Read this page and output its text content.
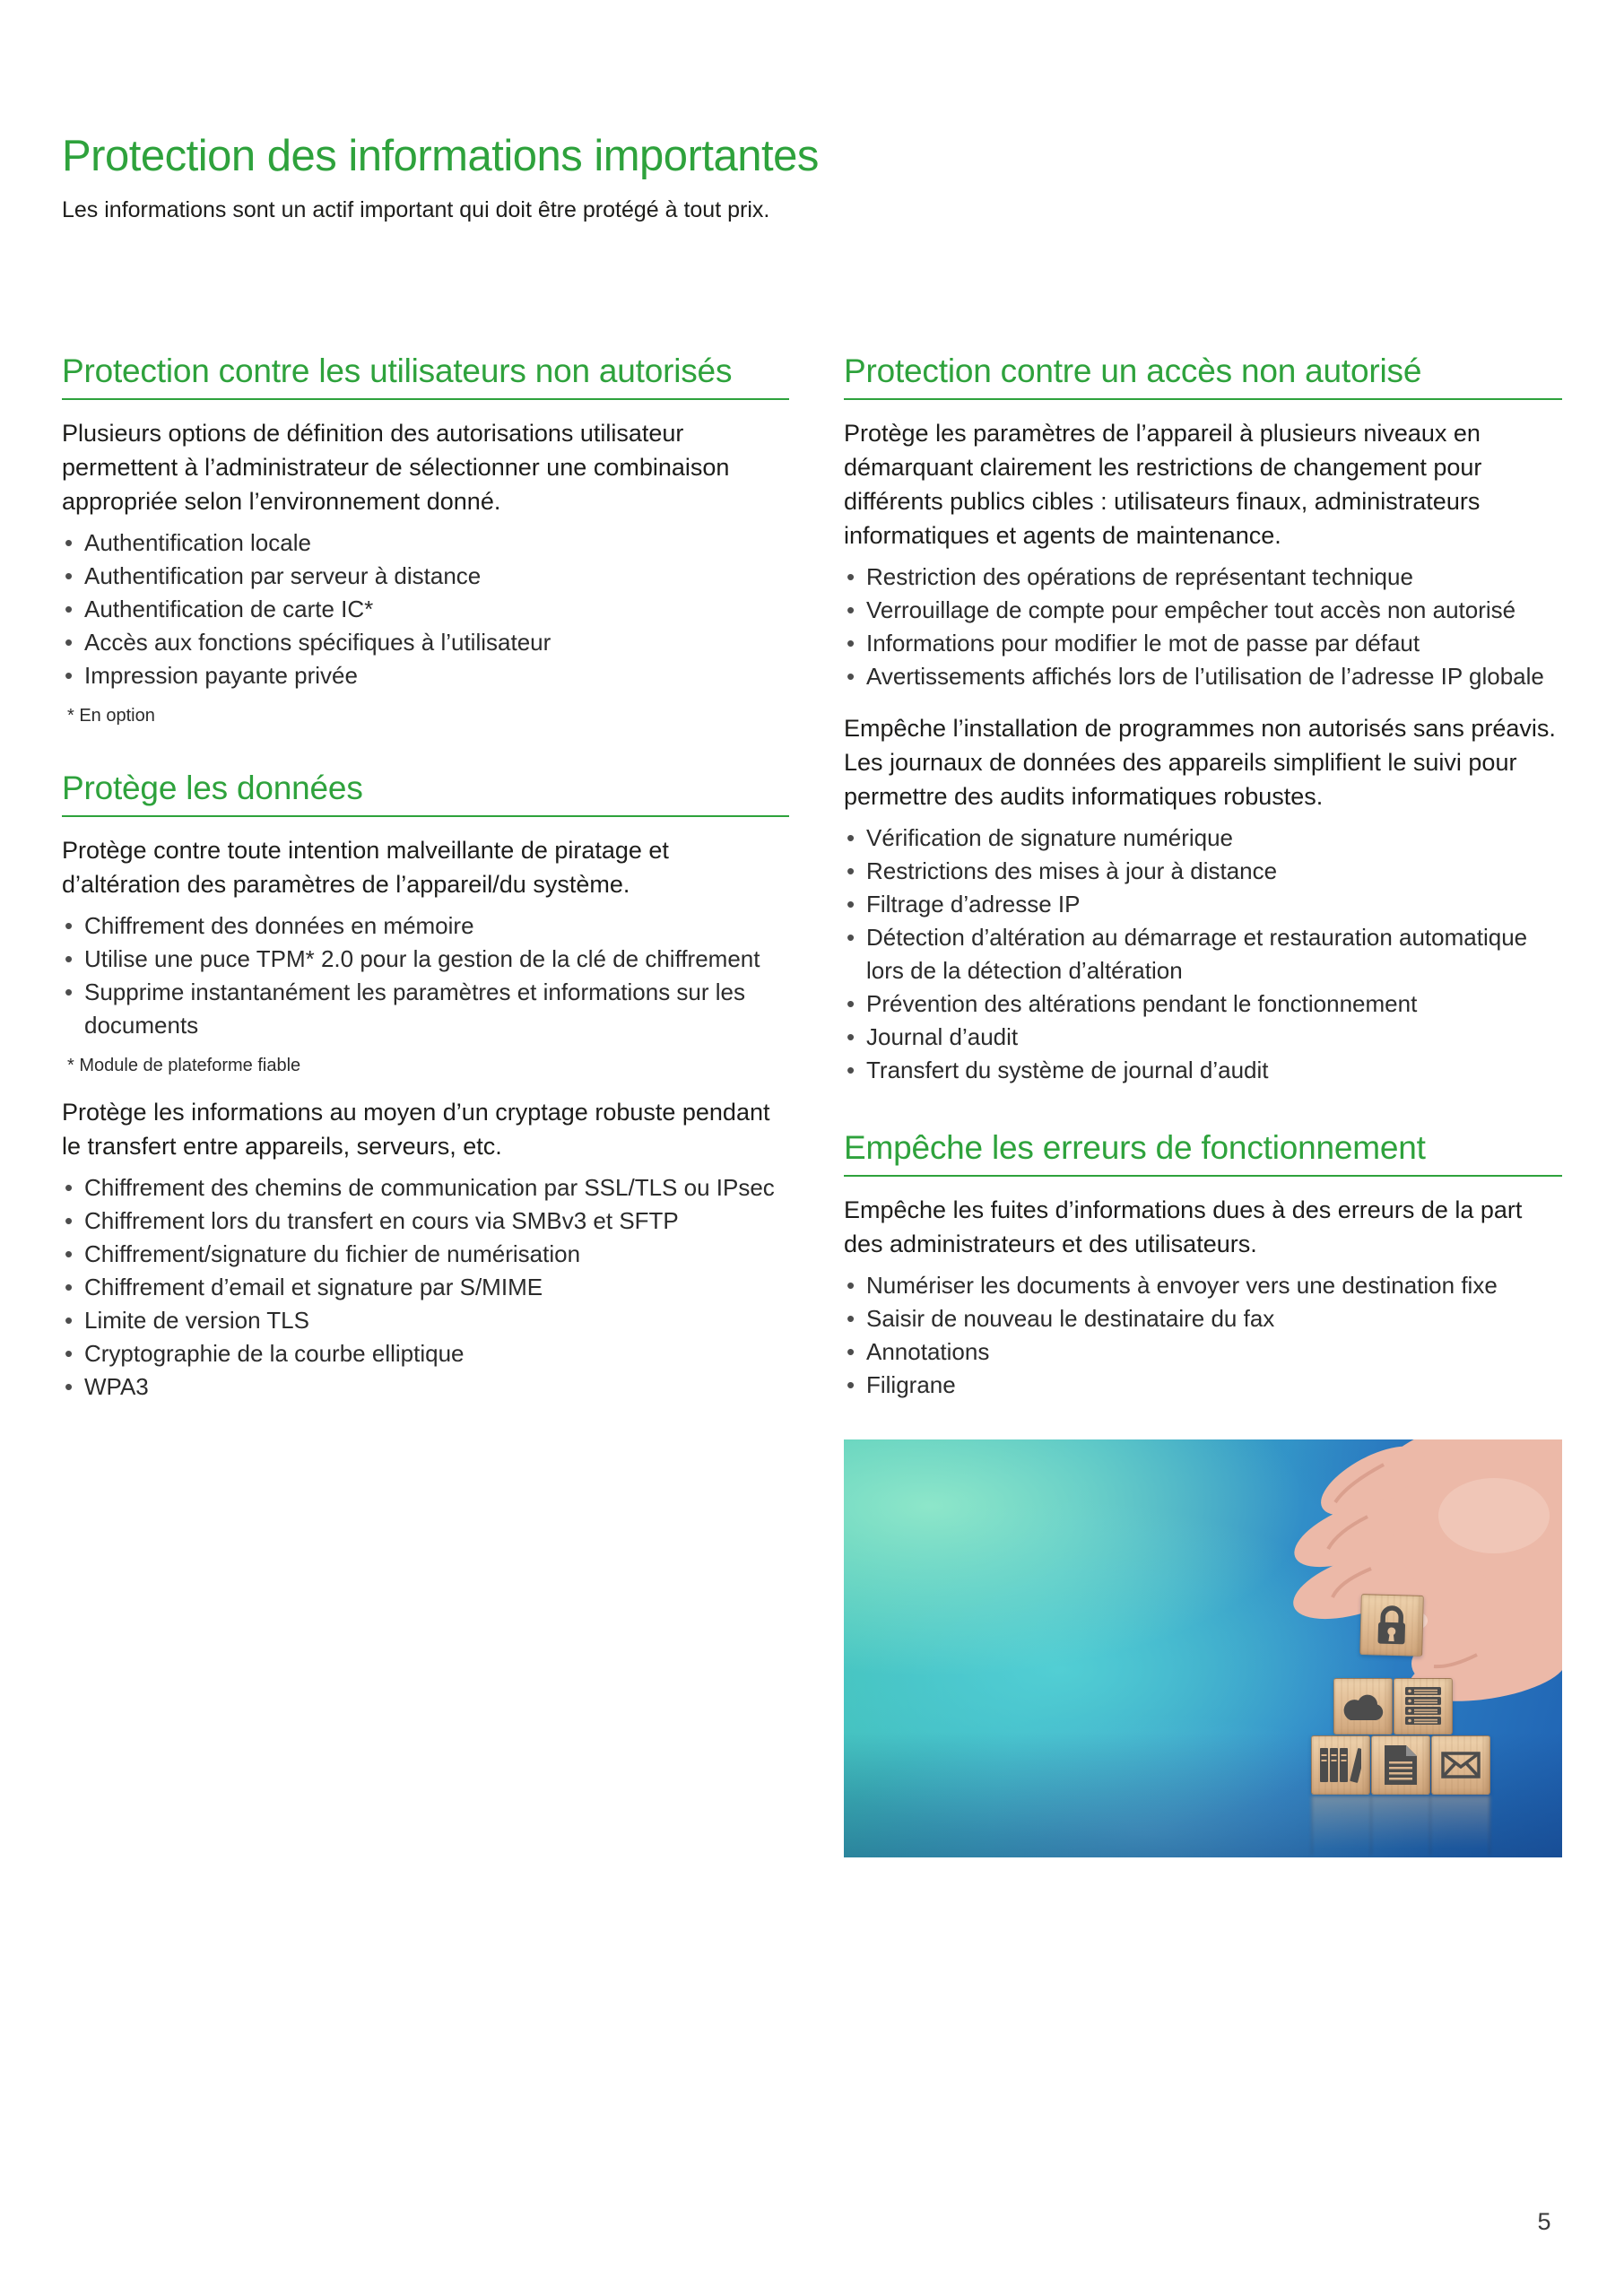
Protection des informations importantes

Les informations sont un actif important qui doit être protégé à tout prix.

Protection contre les utilisateurs non autorisés

Plusieurs options de définition des autorisations utilisateur permettent à l’administrateur de sélectionner une combinaison appropriée selon l’environnement donné.

• Authentification locale
• Authentification par serveur à distance
• Authentification de carte IC*
• Accès aux fonctions spécifiques à l’utilisateur
• Impression payante privée

* En option

Protège les données

Protège contre toute intention malveillante de piratage et d’altération des paramètres de l’appareil/du système.

• Chiffrement des données en mémoire
• Utilise une puce TPM* 2.0 pour la gestion de la clé de chiffrement
• Supprime instantanément les paramètres et informations sur les documents

* Module de plateforme fiable

Protège les informations au moyen d’un cryptage robuste pendant le transfert entre appareils, serveurs, etc.

• Chiffrement des chemins de communication par SSL/TLS ou IPsec
• Chiffrement lors du transfert en cours via SMBv3 et SFTP
• Chiffrement/signature du fichier de numérisation
• Chiffrement d’email et signature par S/MIME
• Limite de version TLS
• Cryptographie de la courbe elliptique
• WPA3
Protection contre un accès non autorisé

Protège les paramètres de l’appareil à plusieurs niveaux en démarquant clairement les restrictions de changement pour différents publics cibles : utilisateurs finaux, administrateurs informatiques et agents de maintenance.

• Restriction des opérations de représentant technique
• Verrouillage de compte pour empêcher tout accès non autorisé
• Informations pour modifier le mot de passe par défaut
• Avertissements affichés lors de l’utilisation de l’adresse IP globale

Empêche l’installation de programmes non autorisés sans préavis. Les journaux de données des appareils simplifient le suivi pour permettre des audits informatiques robustes.

• Vérification de signature numérique
• Restrictions des mises à jour à distance
• Filtrage d’adresse IP
• Détection d’altération au démarrage et restauration automatique lors de la détection d’altération
• Prévention des altérations pendant le fonctionnement
• Journal d’audit
• Transfert du système de journal d’audit
Empêche les erreurs de fonctionnement

Empêche les fuites d’informations dues à des erreurs de la part des administrateurs et des utilisateurs.

• Numériser les documents à envoyer vers une destination fixe
• Saisir de nouveau le destinataire du fax
• Annotations
• Filigrane
5
